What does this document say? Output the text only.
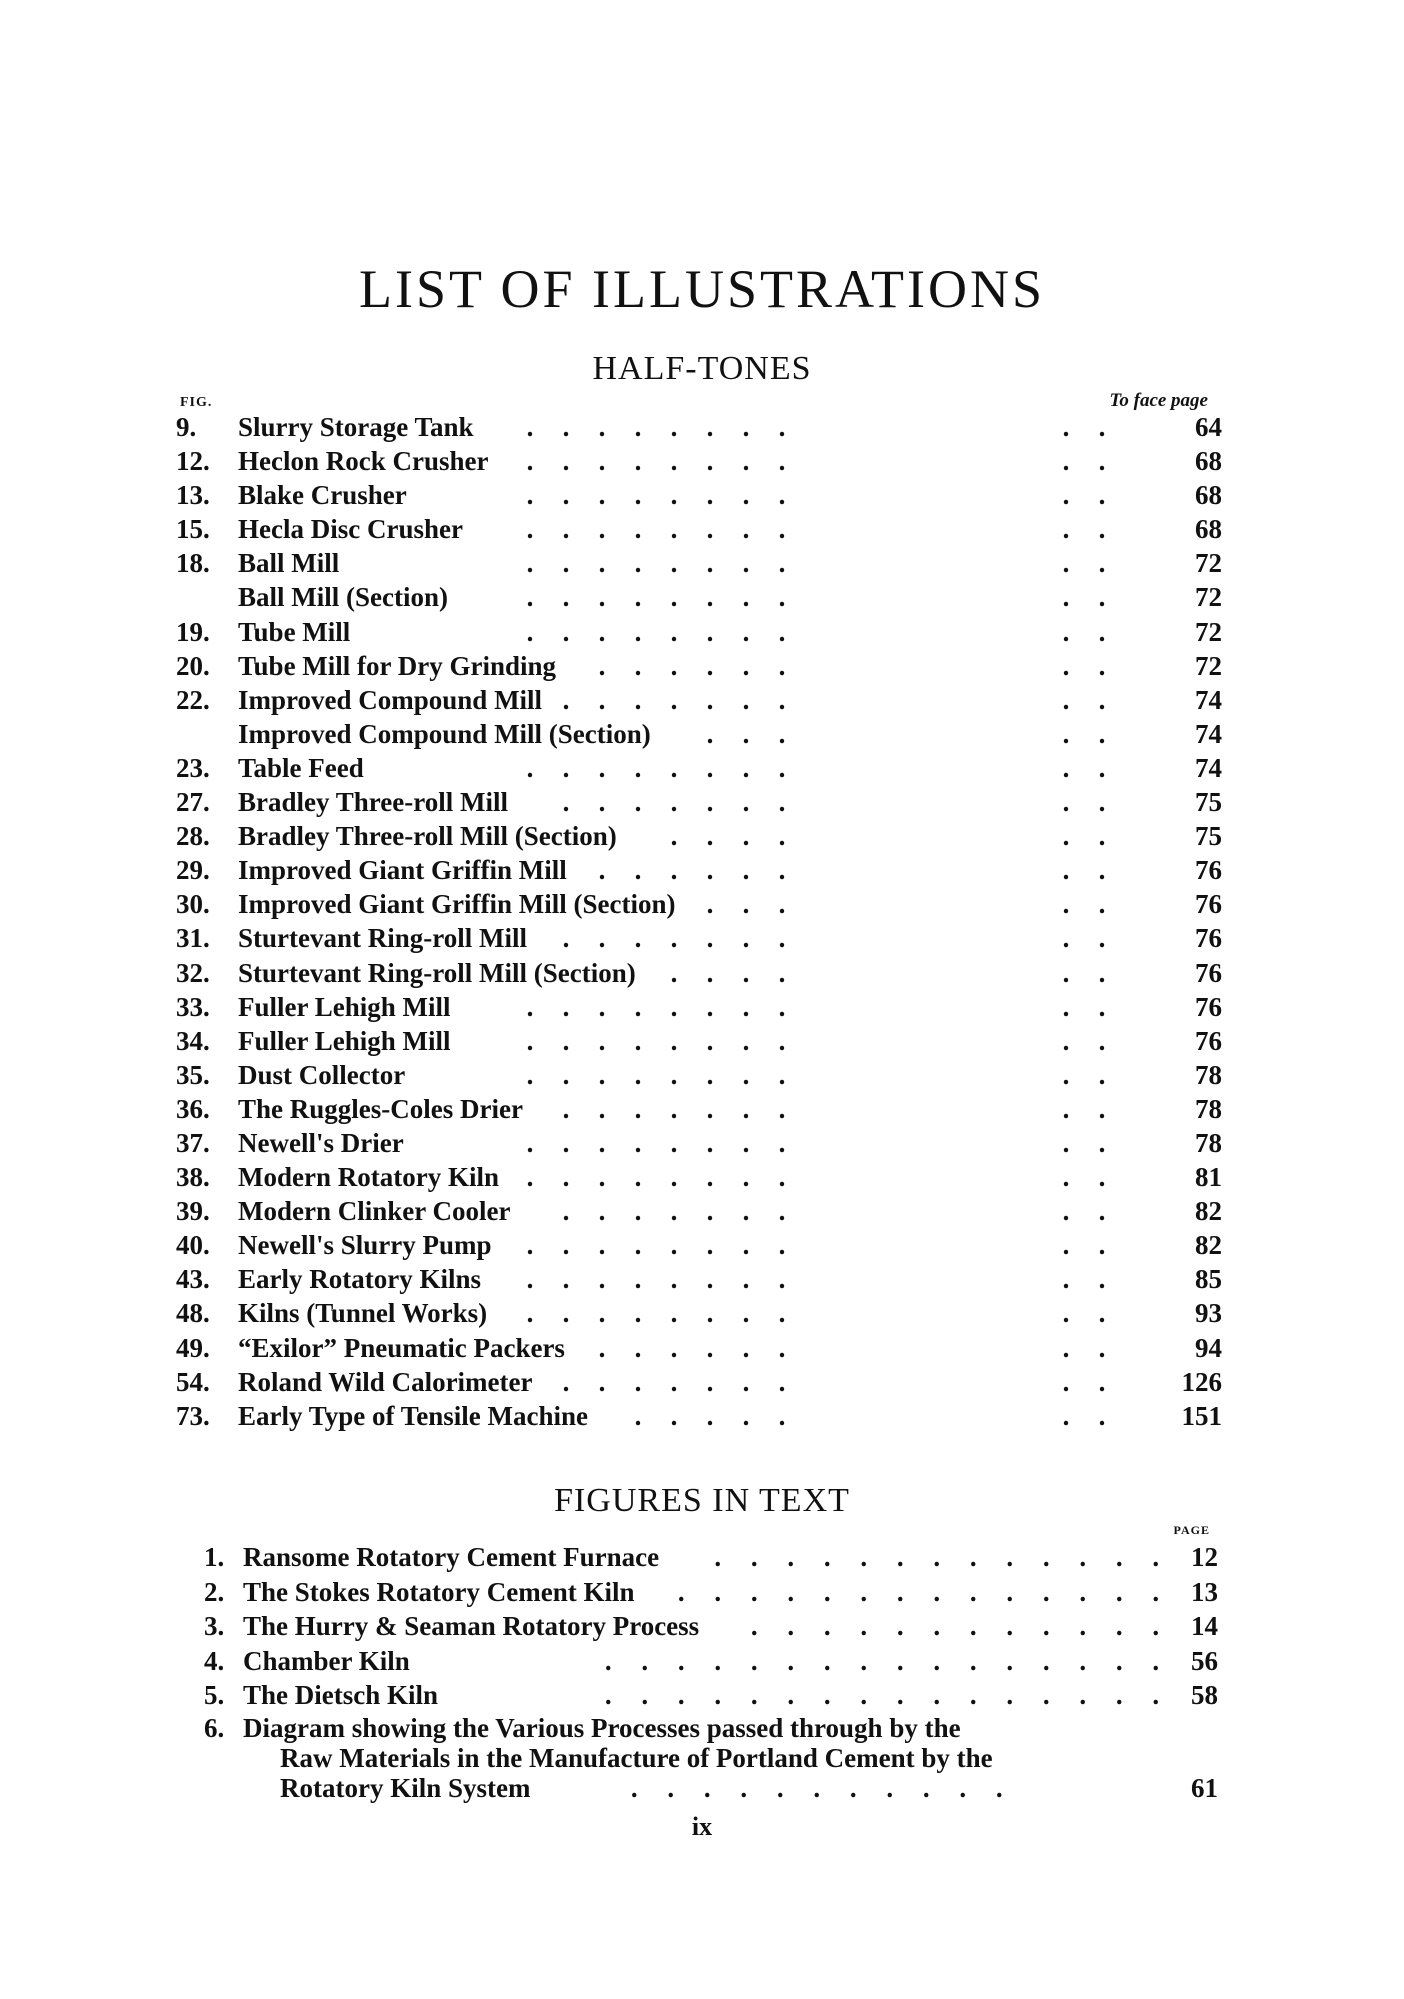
LIST OF ILLUSTRATIONS
HALF-TONES
FIG.	To face page
9.	Slurry Storage Tank	. . . . . . . .	. .	64
12.	Heclon Rock Crusher	. . . . . . . .	. .	68
13.	Blake Crusher	. . . . . . . .	. .	68
15.	Hecla Disc Crusher	. . . . . . . .	. .	68
18.	Ball Mill	. . . . . . . .	. .	72
Ball Mill (Section)	. . . . . . . .	. .	72
19.	Tube Mill	. . . . . . . .	. .	72
20.	Tube Mill for Dry Grinding	. . . . . .	. .	72
22.	Improved Compound Mill . . . . . . .	. .	74
Improved Compound Mill (Section)	. . .	. .	74
23.	Table Feed	. . . . . . . .	. .	74
27.	Bradley Three-roll Mill	. . . . . . .	. .	75
28.	Bradley Three-roll Mill (Section)	. . . .	. .	75
29.	Improved Giant Griffin Mill	. . . . . .	. .	76
30.	Improved Giant Griffin Mill (Section)	. . .	. .	76
31.	Sturtevant Ring-roll Mill	. . . . . . .	. .	76
32.	Sturtevant Ring-roll Mill (Section)	. . . .	. .	76
33.	Fuller Lehigh Mill	. . . . . . . .	. .	76
34.	Fuller Lehigh Mill	. . . . . . . .	. .	76
35.	Dust Collector	. . . . . . . .	. .	78
36.	The Ruggles-Coles Drier	. . . . . . .	. .	78
37.	Newell's Drier	. . . . . . . .	. .	78
38.	Modern Rotatory Kiln	. . . . . . . .	. .	81
39.	Modern Clinker Cooler	. . . . . . .	. .	82
40.	Newell's Slurry Pump	. . . . . . . .	. .	82
43.	Early Rotatory Kilns	. . . . . . . .	. .	85
48.	Kilns (Tunnel Works)	. . . . . . . .	. .	93
49.	“Exilor” Pneumatic Packers	. . . . . .	. .	94
54.	Roland Wild Calorimeter	. . . . . . .	. .	126
73.	Early Type of Tensile Machine	. . . . .	. .	151
FIGURES IN TEXT
PAGE
1. Ransome Rotatory Cement Furnace	. . . . . . . . . . . . .	12
2. The Stokes Rotatory Cement Kiln	. . . . . . . . . . . . . .	13
3. The Hurry & Seaman Rotatory Process	. . . . . . . . . . . .	14
4. Chamber Kiln	. . . . . . . . . . . . . . . .	56
5. The Dietsch Kiln	. . . . . . . . . . . . . . . .	58
6. Diagram showing the Various Processes passed through by the
Raw Materials in the Manufacture of Portland Cement by the
Rotatory Kiln System	. . . . . . . . . . .	61
ix
